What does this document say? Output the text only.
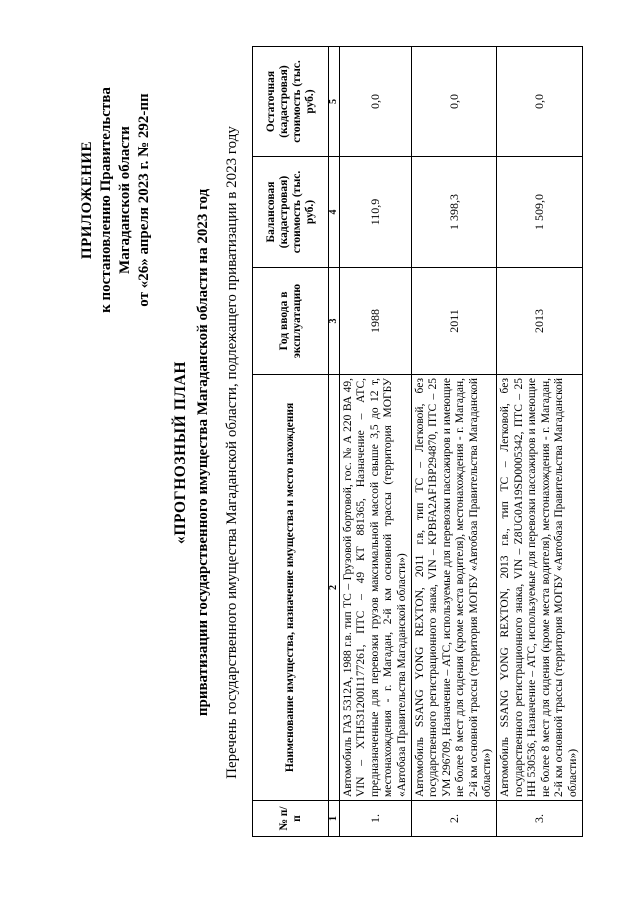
ПРИЛОЖЕНИЕ к постановлению Правительства Магаданской области от «26» апреля 2023 г. № 292-пп
«ПРОГНОЗНЫЙ ПЛАН приватизации государственного имущества Магаданской области на 2023 год Перечень государственного имущества Магаданской области, подлежащего приватизации в 2023 году
№ п/п	Наименование имущества, назначение имущества и место нахождения	Год ввода в эксплуатацию	Балансовая (кадастровая) стоимость (тыс. руб.)	Остаточная (кадастровая) стоимость (тыс. руб.)
1	2	3	4	5
1.	Автомобиль ГАЗ 5312А, 1988 г.в. тип ТС – Грузовой бортовой, гос. № А 220 ВА 49, VIN – XTH531200I1177261, ПТС – 49 КТ 881365, Назначение – АТС, предназначенные для перевозки грузов максимальной массой свыше 3,5 до 12 т, местонахождения - г. Магадан, 2-й км основной трассы (территория МОГБУ «Автобаза Правительства Магаданской области»)	1988	110,9	0,0
2.	Автомобиль SSANG YONG REXTON, 2011 г.в, тип ТС – Легковой, без государственного регистрационного знака, VIN – KPBFA2AF1BP294870, ПТС – 25 УМ 296709, Назначение – АТС, используемые для перевозки пассажиров и имеющие не более 8 мест для сидения (кроме места водителя), местонахождения - г. Магадан, 2-й км основной трассы (территория МОГБУ «Автобаза Правительства Магаданской области»)	2011	1 398,3	0,0
3.	Автомобиль SSANG YONG REXTON, 2013 г.в., тип ТС – Легковой, без государственного регистрационного знака, VIN – Z8UG0A19SD0005342, ПТС – 25 НН 530536, Назначение – АТС, используемые для перевозки пассажиров и имеющие не более 8 мест для сидения (кроме места водителя), местонахождения - г. Магадан, 2-й км основной трассы (территория МОГБУ «Автобаза Правительства Магаданской области»)	2013	1 509,0	0,0
